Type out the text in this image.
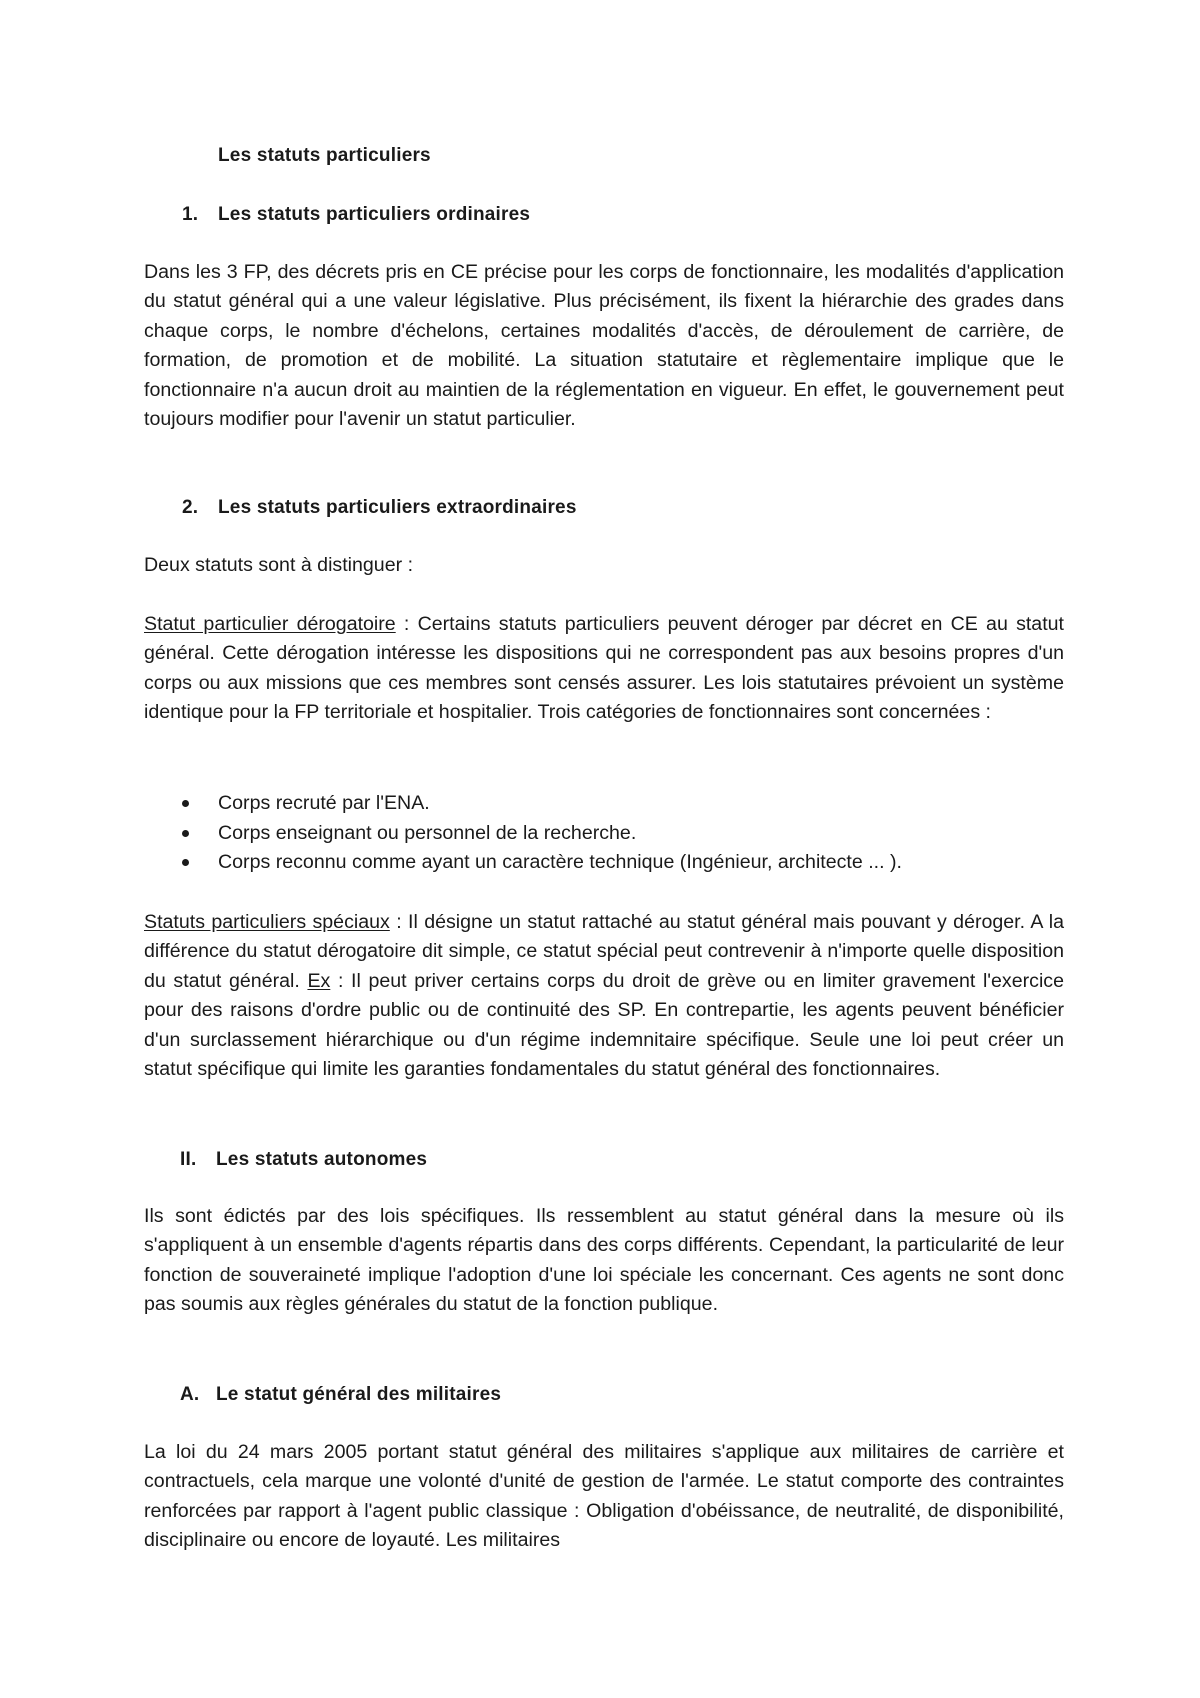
Les statuts particuliers
1. Les statuts particuliers ordinaires

Dans les 3 FP, des décrets pris en CE précise pour les corps de fonctionnaire, les modalités d'application du statut général qui a une valeur législative. Plus précisément, ils fixent la hiérarchie des grades dans chaque corps, le nombre d'échelons, certaines modalités d'accès, de déroulement de carrière, de formation, de promotion et de mobilité. La situation statutaire et règlementaire implique que le fonctionnaire n'a aucun droit au maintien de la réglementation en vigueur. En effet, le gouvernement peut toujours modifier pour l'avenir un statut particulier.

2. Les statuts particuliers extraordinaires

Deux statuts sont à distinguer :

Statut particulier dérogatoire : Certains statuts particuliers peuvent déroger par décret en CE au statut général. Cette dérogation intéresse les dispositions qui ne correspondent pas aux besoins propres d'un corps ou aux missions que ces membres sont censés assurer. Les lois statutaires prévoient un système identique pour la FP territoriale et hospitalier. Trois catégories de fonctionnaires sont concernées :

Corps recruté par l'ENA.
Corps enseignant ou personnel de la recherche.
Corps reconnu comme ayant un caractère technique (Ingénieur, architecte ... ).

Statuts particuliers spéciaux : Il désigne un statut rattaché au statut général mais pouvant y déroger. A la différence du statut dérogatoire dit simple, ce statut spécial peut contrevenir à n'importe quelle disposition du statut général. Ex : Il peut priver certains corps du droit de grève ou en limiter gravement l'exercice pour des raisons d'ordre public ou de continuité des SP. En contrepartie, les agents peuvent bénéficier d'un surclassement hiérarchique ou d'un régime indemnitaire spécifique. Seule une loi peut créer un statut spécifique qui limite les garanties fondamentales du statut général des fonctionnaires.

II. Les statuts autonomes

Ils sont édictés par des lois spécifiques. Ils ressemblent au statut général dans la mesure où ils s'appliquent à un ensemble d'agents répartis dans des corps différents. Cependant, la particularité de leur fonction de souveraineté implique l'adoption d'une loi spéciale les concernant. Ces agents ne sont donc pas soumis aux règles générales du statut de la fonction publique.

A. Le statut général des militaires

La loi du 24 mars 2005 portant statut général des militaires s'applique aux militaires de carrière et contractuels, cela marque une volonté d'unité de gestion de l'armée. Le statut comporte des contraintes renforcées par rapport à l'agent public classique : Obligation d'obéissance, de neutralité, de disponibilité, disciplinaire ou encore de loyauté. Les militaires
